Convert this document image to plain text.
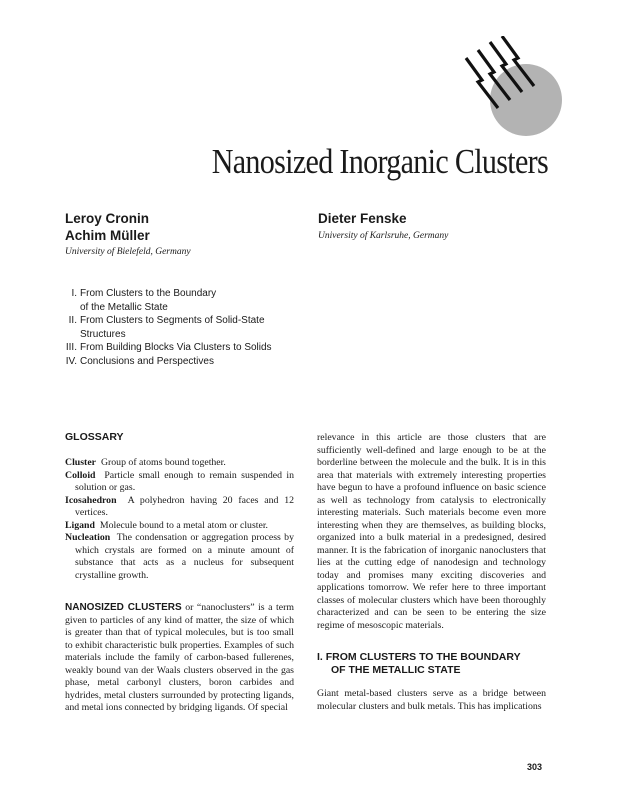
Nanosized Inorganic Clusters
Leroy Cronin
Achim Müller
University of Bielefeld, Germany
Dieter Fenske
University of Karlsruhe, Germany
I. From Clusters to the Boundary
of the Metallic State
II. From Clusters to Segments of Solid-State
Structures
III. From Building Blocks Via Clusters to Solids
IV. Conclusions and Perspectives
GLOSSARY

Cluster Group of atoms bound together.

Colloid Particle small enough to remain suspended in solution or gas.

Icosahedron A polyhedron having 20 faces and 12 vertices.

Ligand Molecule bound to a metal atom or cluster.

Nucleation The condensation or aggregation process by which crystals are formed on a minute amount of substance that acts as a nucleus for subsequent crystalline growth.

NANOSIZED CLUSTERS or “nanoclusters” is a term given to particles of any kind of matter, the size of which is greater than that of typical molecules, but is too small to exhibit characteristic bulk properties. Examples of such materials include the family of carbon-based fullerenes, weakly bound van der Waals clusters observed in the gas phase, metal carbonyl clusters, boron carbides and hydrides, metal clusters surrounded by protecting ligands, and metal ions connected by bridging ligands. Of special

relevance in this article are those clusters that are sufficiently well-defined and large enough to be at the borderline between the molecule and the bulk. It is in this area that materials with extremely interesting properties have begun to have a profound influence on basic science as well as technology from catalysis to electronically interesting materials. Such materials become even more interesting when they are themselves, as building blocks, organized into a bulk material in a predesigned, desired manner. It is the fabrication of inorganic nanoclusters that lies at the cutting edge of nanodesign and technology today and promises many exciting discoveries and applications tomorrow. We refer here to three important classes of molecular clusters which have been thoroughly characterized and can be seen to be entering the size regime of mesoscopic materials.

I. FROM CLUSTERS TO THE BOUNDARY
OF THE METALLIC STATE

Giant metal-based clusters serve as a bridge between molecular clusters and bulk metals. This has implications

303
